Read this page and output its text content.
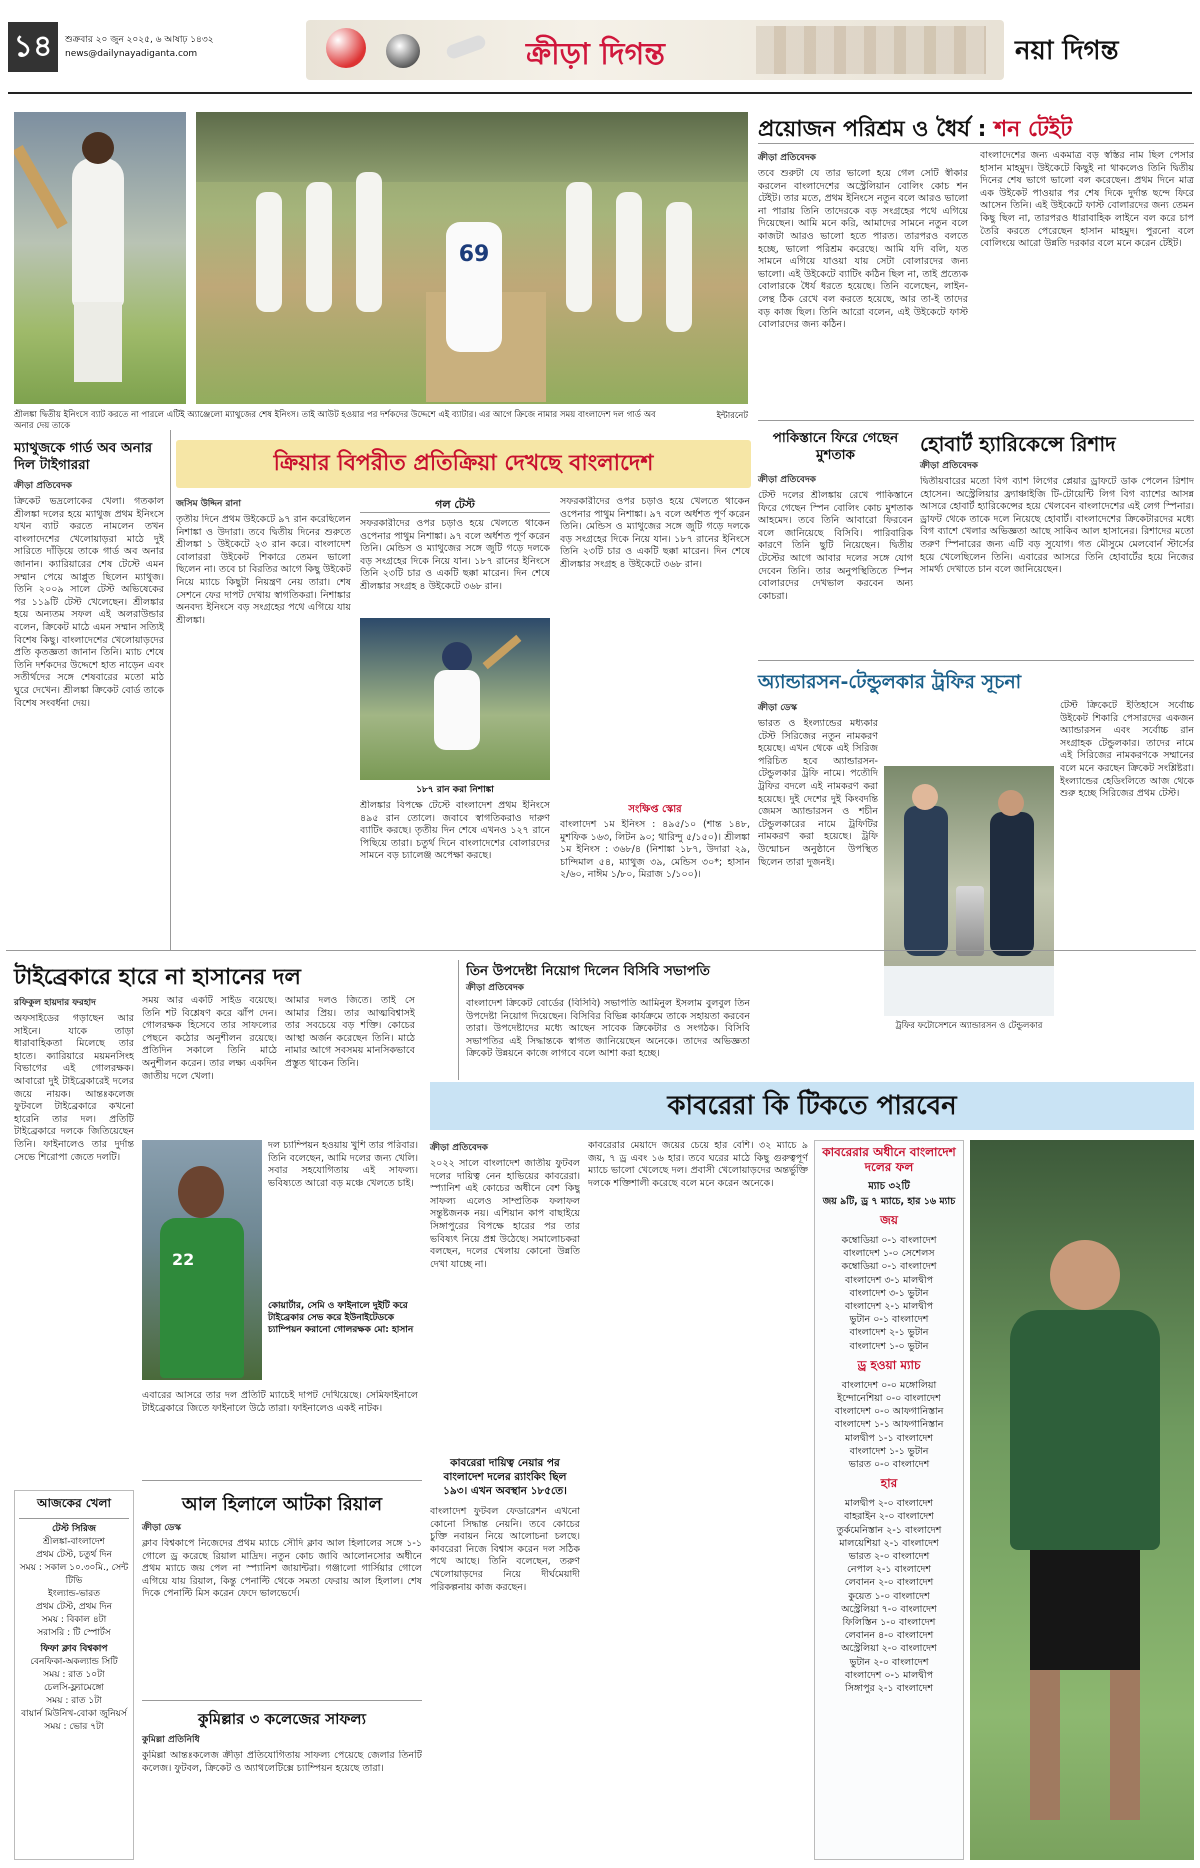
১৪	শুক্রবার ২০ জুন ২০২৫, ৬ আষাঢ় ১৪৩২
news@dailynayadiganta.com	ক্রীড়া দিগন্ত	নয়া দিগন্ত
69
শ্রীলঙ্কা দ্বিতীয় ইনিংসে ব্যাট করতে না পারলে এটিই অ্যাঞ্জেলো ম্যাথুজের শেষ ইনিংস। তাই আউট হওয়ার পর দর্শকদের উদ্দেশে এই ব্যাটার। এর আগে ক্রিজে নামার সময় বাংলাদেশ দল গার্ড অব অনার দেয় তাকে
ইন্টারনেট
প্রয়োজন পরিশ্রম ও ধৈর্য : শন টেইট
ক্রীড়া প্রতিবেদক
তবে শুরুটা যে তার ভালো হয়ে গেল সেটি স্বীকার করলেন বাংলাদেশের অস্ট্রেলিয়ান বোলিং কোচ শন টেইট। তার মতে, প্রথম ইনিংসে নতুন বলে আরও ভালো না পারায় তিনি তাদেরকে বড় সংগ্রহের পথে এগিয়ে দিয়েছেন। আমি মনে করি, আমাদের সামনে নতুন বলে কাজটা আরও ভালো হতে পারত। তারপরও বলতে হচ্ছে, ভালো পরিশ্রম করেছে। আমি যদি বলি, যত সামনে এগিয়ে যাওয়া যায় সেটা বোলারদের জন্য ভালো। এই উইকেটে ব্যাটিং কঠিন ছিল না, তাই প্রত্যেক বোলারকে ধৈর্য ধরতে হয়েছে। তিনি বলেছেন, লাইন-লেন্থ ঠিক রেখে বল করতে হয়েছে, আর তা-ই তাদের বড় কাজ ছিল। তিনি আরো বলেন, এই উইকেটে ফাস্ট বোলারদের জন্য কঠিন।
বাংলাদেশের জন্য একমাত্র বড় স্বস্তির নাম ছিল পেসার হাসান মাহমুদ। উইকেটে কিছুই না থাকলেও তিনি দ্বিতীয় দিনের শেষ ভাগে ভালো বল করেছেন। প্রথম দিনে মাত্র এক উইকেট পাওয়ার পর শেষ দিকে দুর্দান্ত ছন্দে ফিরে আসেন তিনি। এই উইকেটে ফাস্ট বোলারদের জন্য তেমন কিছু ছিল না, তারপরও ধারাবাহিক লাইনে বল করে চাপ তৈরি করতে পেরেছেন হাসান মাহমুদ। পুরনো বলে বোলিংয়ে আরো উন্নতি দরকার বলে মনে করেন টেইট।
ম্যাথুজকে গার্ড অব অনার দিল টাইগাররা
ক্রীড়া প্রতিবেদক
ক্রিকেট ভদ্রলোকের খেলা। গতকাল শ্রীলঙ্কা দলের হয়ে ম্যাথুজ প্রথম ইনিংসে যখন ব্যাট করতে নামলেন তখন বাংলাদেশের খেলোয়াড়রা মাঠে দুই সারিতে দাঁড়িয়ে তাকে গার্ড অব অনার জানান। ক্যারিয়ারের শেষ টেস্টে এমন সম্মান পেয়ে আপ্লুত ছিলেন ম্যাথুজ। তিনি ২০০৯ সালে টেস্ট অভিষেকের পর ১১৯টি টেস্ট খেলেছেন। শ্রীলঙ্কার হয়ে অন্যতম সফল এই অলরাউন্ডার বলেন, ক্রিকেট মাঠে এমন সম্মান সত্যিই বিশেষ কিছু। বাংলাদেশের খেলোয়াড়দের প্রতি কৃতজ্ঞতা জানান তিনি। ম্যাচ শেষে তিনি দর্শকদের উদ্দেশে হাত নাড়েন এবং সতীর্থদের সঙ্গে শেষবারের মতো মাঠ ঘুরে দেখেন। শ্রীলঙ্কা ক্রিকেট বোর্ড তাকে বিশেষ সংবর্ধনা দেয়।
ক্রিয়ার বিপরীত প্রতিক্রিয়া দেখছে বাংলাদেশ
জসিম উদ্দিন রানা
তৃতীয় দিনে প্রথম উইকেটে ৯৭ রান করেছিলেন নিশাঙ্কা ও উদারা। তবে দ্বিতীয় দিনের শুরুতে শ্রীলঙ্কা ১ উইকেটে ২৩ রান করে। বাংলাদেশ বোলাররা উইকেট শিকারে তেমন ভালো ছিলেন না। তবে চা বিরতির আগে কিছু উইকেট নিয়ে ম্যাচে কিছুটা নিয়ন্ত্রণ নেয় তারা। শেষ সেশনে ফের দাপট দেখায় স্বাগতিকরা। নিশাঙ্কার অনবদ্য ইনিংসে বড় সংগ্রহের পথে এগিয়ে যায় শ্রীলঙ্কা।
গল টেস্ট
সফরকারীদের ওপর চড়াও হয়ে খেলতে থাকেন ওপেনার পাথুম নিশাঙ্কা। ৯৭ বলে অর্ধশত পূর্ণ করেন তিনি। মেন্ডিস ও ম্যাথুজের সঙ্গে জুটি গড়ে দলকে বড় সংগ্রহের দিকে নিয়ে যান। ১৮৭ রানের ইনিংসে তিনি ২৩টি চার ও একটি ছক্কা মারেন। দিন শেষে শ্রীলঙ্কার সংগ্রহ ৪ উইকেটে ৩৬৮ রান।
১৮৭ রান করা নিশাঙ্কা
শ্রীলঙ্কার বিপক্ষে টেস্টে বাংলাদেশ প্রথম ইনিংসে ৪৯৫ রান তোলে। জবাবে স্বাগতিকরাও দারুণ ব্যাটিং করছে। তৃতীয় দিন শেষে এখনও ১২৭ রানে পিছিয়ে তারা। চতুর্থ দিনে বাংলাদেশের বোলারদের সামনে বড় চ্যালেঞ্জ অপেক্ষা করছে।
সফরকারীদের ওপর চড়াও হয়ে খেলতে থাকেন ওপেনার পাথুম নিশাঙ্কা। ৯৭ বলে অর্ধশত পূর্ণ করেন তিনি। মেন্ডিস ও ম্যাথুজের সঙ্গে জুটি গড়ে দলকে বড় সংগ্রহের দিকে নিয়ে যান। ১৮৭ রানের ইনিংসে তিনি ২৩টি চার ও একটি ছক্কা মারেন। দিন শেষে শ্রীলঙ্কার সংগ্রহ ৪ উইকেটে ৩৬৮ রান।
সংক্ষিপ্ত স্কোর
বাংলাদেশ ১ম ইনিংস : ৪৯৫/১০ (শান্ত ১৪৮, মুশফিক ১৬৩, লিটন ৯০; থারিন্দু ৫/১৫০)। শ্রীলঙ্কা ১ম ইনিংস : ৩৬৮/৪ (নিশাঙ্কা ১৮৭, উদারা ২৯, চান্দিমাল ৫৪, ম্যাথুজ ৩৯, মেন্ডিস ৩০*; হাসান ২/৬০, নাঈম ১/৮০, মিরাজ ১/১০০)।
পাকিস্তানে ফিরে গেছেন মুশতাক
ক্রীড়া প্রতিবেদক
টেস্ট দলের শ্রীলঙ্কায় রেখে পাকিস্তানে ফিরে গেছেন স্পিন বোলিং কোচ মুশতাক আহমেদ। তবে তিনি আবারো ফিরবেন বলে জানিয়েছে বিসিবি। পারিবারিক কারণে তিনি ছুটি নিয়েছেন। দ্বিতীয় টেস্টের আগে আবার দলের সঙ্গে যোগ দেবেন তিনি। তার অনুপস্থিতিতে স্পিন বোলারদের দেখভাল করবেন অন্য কোচরা।
হোবার্ট হ্যারিকেন্সে রিশাদ
ক্রীড়া প্রতিবেদক
দ্বিতীয়বারের মতো বিগ ব্যাশ লিগের প্লেয়ার ড্রাফটে ডাক পেলেন রিশাদ হোসেন। অস্ট্রেলিয়ার ফ্র্যাঞ্চাইজি টি-টোয়েন্টি লিগ বিগ ব্যাশের আসন্ন আসরে হোবার্ট হ্যারিকেন্সের হয়ে খেলবেন বাংলাদেশের এই লেগ স্পিনার। ড্রাফট থেকে তাকে দলে নিয়েছে হোবার্ট। বাংলাদেশের ক্রিকেটারদের মধ্যে বিগ ব্যাশে খেলার অভিজ্ঞতা আছে সাকিব আল হাসানের। রিশাদের মতো তরুণ স্পিনারের জন্য এটি বড় সুযোগ। গত মৌসুমে মেলবোর্ন স্টার্সের হয়ে খেলেছিলেন তিনি। এবারের আসরে তিনি হোবার্টের হয়ে নিজের সামর্থ্য দেখাতে চান বলে জানিয়েছেন।
অ্যান্ডারসন-টেন্ডুলকার ট্রফির সূচনা
ক্রীড়া ডেস্ক
ভারত ও ইংল্যান্ডের মধ্যকার টেস্ট সিরিজের নতুন নামকরণ হয়েছে। এখন থেকে এই সিরিজ পরিচিত হবে অ্যান্ডারসন-টেন্ডুলকার ট্রফি নামে। পতৌদি ট্রফির বদলে এই নামকরণ করা হয়েছে। দুই দেশের দুই কিংবদন্তি জেমস অ্যান্ডারসন ও শচীন টেন্ডুলকারের নামে ট্রফিটির নামকরণ করা হয়েছে। ট্রফি উন্মোচন অনুষ্ঠানে উপস্থিত ছিলেন তারা দুজনই।
ট্রফির ফটোসেশনে অ্যান্ডারসন ও টেন্ডুলকার
টেস্ট ক্রিকেটে ইতিহাসে সর্বোচ্চ উইকেট শিকারি পেসারদের একজন অ্যান্ডারসন এবং সর্বোচ্চ রান সংগ্রাহক টেন্ডুলকার। তাদের নামে এই সিরিজের নামকরণকে সম্মানের বলে মনে করছেন ক্রিকেট সংশ্লিষ্টরা। ইংল্যান্ডের হেডিংলিতে আজ থেকে শুরু হচ্ছে সিরিজের প্রথম টেস্ট।
টাইব্রেকারে হারে না হাসানের দল
রফিকুল হায়দার ফরহাদ
অফসাইডের গড়াছেন আর সাইনে। যাকে তাড়া ধারাবাহিকতা মিলেছে তার হাতে। ক্যারিয়ারে ময়মনসিংহ বিভাগের এই গোলরক্ষক। আবারো দুই টাইব্রেকারেই দলের জয়ে নায়ক। আন্তঃকলেজ ফুটবলে টাইব্রেকারে কখনো হারেনি তার দল। প্রতিটি টাইব্রেকারে দলকে জিতিয়েছেন তিনি। ফাইনালেও তার দুর্দান্ত সেভে শিরোপা জেতে দলটি।
সময় আর একটি সাইড বয়েছে। তিনি শট বিশ্লেষণ করে ঝাঁপ দেন। গোলরক্ষক হিসেবে তার সাফল্যের পেছনে কঠোর অনুশীলন রয়েছে। প্রতিদিন সকালে তিনি মাঠে অনুশীলন করেন। তার লক্ষ্য একদিন জাতীয় দলে খেলা।
আমার দলও জিতে। তাই সে আমার প্রিয়। তার আত্মবিশ্বাসই তার সবচেয়ে বড় শক্তি। কোচের আস্থা অর্জন করেছেন তিনি। মাঠে নামার আগে সবসময় মানসিকভাবে প্রস্তুত থাকেন তিনি।
22
কোয়ার্টার, সেমি ও ফাইনালে দুইটি করে টাইব্রেকার সেভ করে ইউনাইটেডকে চ্যাম্পিয়ন করানো গোলরক্ষক মো: হাসান
দল চ্যাম্পিয়ন হওয়ায় খুশি তার পরিবার। তিনি বলেছেন, আমি দলের জন্য খেলি। সবার সহযোগিতায় এই সাফল্য। ভবিষ্যতে আরো বড় মঞ্চে খেলতে চাই।
এবারের আসরে তার দল প্রতিটি ম্যাচেই দাপট দেখিয়েছে। সেমিফাইনালে টাইব্রেকারে জিতে ফাইনালে উঠে তারা। ফাইনালেও একই নাটক।
তিন উপদেষ্টা নিয়োগ দিলেন বিসিবি সভাপতি
ক্রীড়া প্রতিবেদক
বাংলাদেশ ক্রিকেট বোর্ডের (বিসিবি) সভাপতি আমিনুল ইসলাম বুলবুল তিন উপদেষ্টা নিয়োগ দিয়েছেন। বিসিবির বিভিন্ন কার্যক্রমে তাকে সহায়তা করবেন তারা। উপদেষ্টাদের মধ্যে আছেন সাবেক ক্রিকেটার ও সংগঠক। বিসিবি সভাপতির এই সিদ্ধান্তকে স্বাগত জানিয়েছেন অনেকে। তাদের অভিজ্ঞতা ক্রিকেট উন্নয়নে কাজে লাগবে বলে আশা করা হচ্ছে।
কাবরেরা কি টিকতে পারবেন
ক্রীড়া প্রতিবেদক
২০২২ সালে বাংলাদেশ জাতীয় ফুটবল দলের দায়িত্ব নেন হাভিয়ের কাবরেরা। স্প্যানিশ এই কোচের অধীনে বেশ কিছু সাফল্য এলেও সাম্প্রতিক ফলাফল সন্তুষ্টজনক নয়। এশিয়ান কাপ বাছাইয়ে সিঙ্গাপুরের বিপক্ষে হারের পর তার ভবিষ্যৎ নিয়ে প্রশ্ন উঠেছে। সমালোচকরা বলছেন, দলের খেলায় কোনো উন্নতি দেখা যাচ্ছে না।
কাবরেরা দায়িত্ব নেয়ার পর বাংলাদেশ দলের র‍্যাংকিং ছিল ১৯৩। এখন অবস্থান ১৮৫তে।
বাংলাদেশ ফুটবল ফেডারেশন এখনো কোনো সিদ্ধান্ত নেয়নি। তবে কোচের চুক্তি নবায়ন নিয়ে আলোচনা চলছে। কাবরেরা নিজে বিশ্বাস করেন দল সঠিক পথে আছে। তিনি বলেছেন, তরুণ খেলোয়াড়দের নিয়ে দীর্ঘমেয়াদী পরিকল্পনায় কাজ করছেন।
কাবরেরার মেয়াদে জয়ের চেয়ে হার বেশি। ৩২ ম্যাচে ৯ জয়, ৭ ড্র এবং ১৬ হার। তবে ঘরের মাঠে কিছু গুরুত্বপূর্ণ ম্যাচে ভালো খেলেছে দল। প্রবাসী খেলোয়াড়দের অন্তর্ভুক্তি দলকে শক্তিশালী করেছে বলে মনে করেন অনেকে।
কাবরেরার অধীনে বাংলাদেশ দলের ফল
ম্যাচ ৩২টি
জয় ৯টি, ড্র ৭ ম্যাচে, হার ১৬ ম্যাচ
জয়
কম্বোডিয়া ০-১ বাংলাদেশ
বাংলাদেশ ১-০ সেশেলস
কম্বোডিয়া ০-১ বাংলাদেশ
বাংলাদেশ ৩-১ মালদ্বীপ
বাংলাদেশ ৩-১ ভুটান
বাংলাদেশ ২-১ মালদ্বীপ
ভুটান ০-১ বাংলাদেশ
বাংলাদেশ ২-১ ভুটান
বাংলাদেশ ১-০ ভুটান
ড্র হওয়া ম্যাচ
বাংলাদেশ ০-০ মঙ্গোলিয়া
ইন্দোনেশিয়া ০-০ বাংলাদেশ
বাংলাদেশ ০-০ আফগানিস্তান
বাংলাদেশ ১-১ আফগানিস্তান
মালদ্বীপ ১-১ বাংলাদেশ
বাংলাদেশ ১-১ ভুটান
ভারত ০-০ বাংলাদেশ
হার
মালদ্বীপ ২-০ বাংলাদেশ
বাহরাইন ২-০ বাংলাদেশ
তুর্কমেনিস্তান ২-১ বাংলাদেশ
মালয়েশিয়া ২-১ বাংলাদেশ
ভারত ২-০ বাংলাদেশ
নেপাল ২-১ বাংলাদেশ
লেবানন ২-০ বাংলাদেশ
কুয়েত ১-০ বাংলাদেশ
অস্ট্রেলিয়া ৭-০ বাংলাদেশ
ফিলিস্তিন ১-০ বাংলাদেশ
লেবানন ৪-০ বাংলাদেশ
অস্ট্রেলিয়া ২-০ বাংলাদেশ
ভুটান ২-০ বাংলাদেশ
বাংলাদেশ ০-১ মালদ্বীপ
সিঙ্গাপুর ২-১ বাংলাদেশ
আজকের খেলা
টেস্ট সিরিজ
শ্রীলঙ্কা-বাংলাদেশ
প্রথম টেস্ট, চতুর্থ দিন
সময় : সকাল ১০.৩০মি., সেন্ট টিভি
ইংল্যান্ড-ভারত
প্রথম টেস্ট, প্রথম দিন
সময় : বিকাল ৪টা
সরাসরি : টি স্পোর্টস
ফিফা ক্লাব বিশ্বকাপ
বেনফিকা-অকল্যান্ড সিটি
সময় : রাত ১০টা
চেলসি-ফ্ল্যামেঙ্গো
সময় : রাত ১টা
বায়ার্ন মিউনিখ-বোকা জুনিয়র্স
সময় : ভোর ৭টা
আল হিলালে আটকা রিয়াল
ক্রীড়া ডেস্ক
ক্লাব বিশ্বকাপে নিজেদের প্রথম ম্যাচে সৌদি ক্লাব আল হিলালের সঙ্গে ১-১ গোলে ড্র করেছে রিয়াল মাদ্রিদ। নতুন কোচ জাবি আলোনসোর অধীনে প্রথম ম্যাচে জয় পেল না স্প্যানিশ জায়ান্টরা। গঞ্জালো গার্সিয়ার গোলে এগিয়ে যায় রিয়াল, কিন্তু পেনাল্টি থেকে সমতা ফেরায় আল হিলাল। শেষ দিকে পেনাল্টি মিস করেন ফেদে ভালভের্দে।
কুমিল্লার ৩ কলেজের সাফল্য
কুমিল্লা প্রতিনিধি
কুমিল্লা আন্তঃকলেজ ক্রীড়া প্রতিযোগিতায় সাফল্য পেয়েছে জেলার তিনটি কলেজ। ফুটবল, ক্রিকেট ও অ্যাথলেটিক্সে চ্যাম্পিয়ন হয়েছে তারা।
